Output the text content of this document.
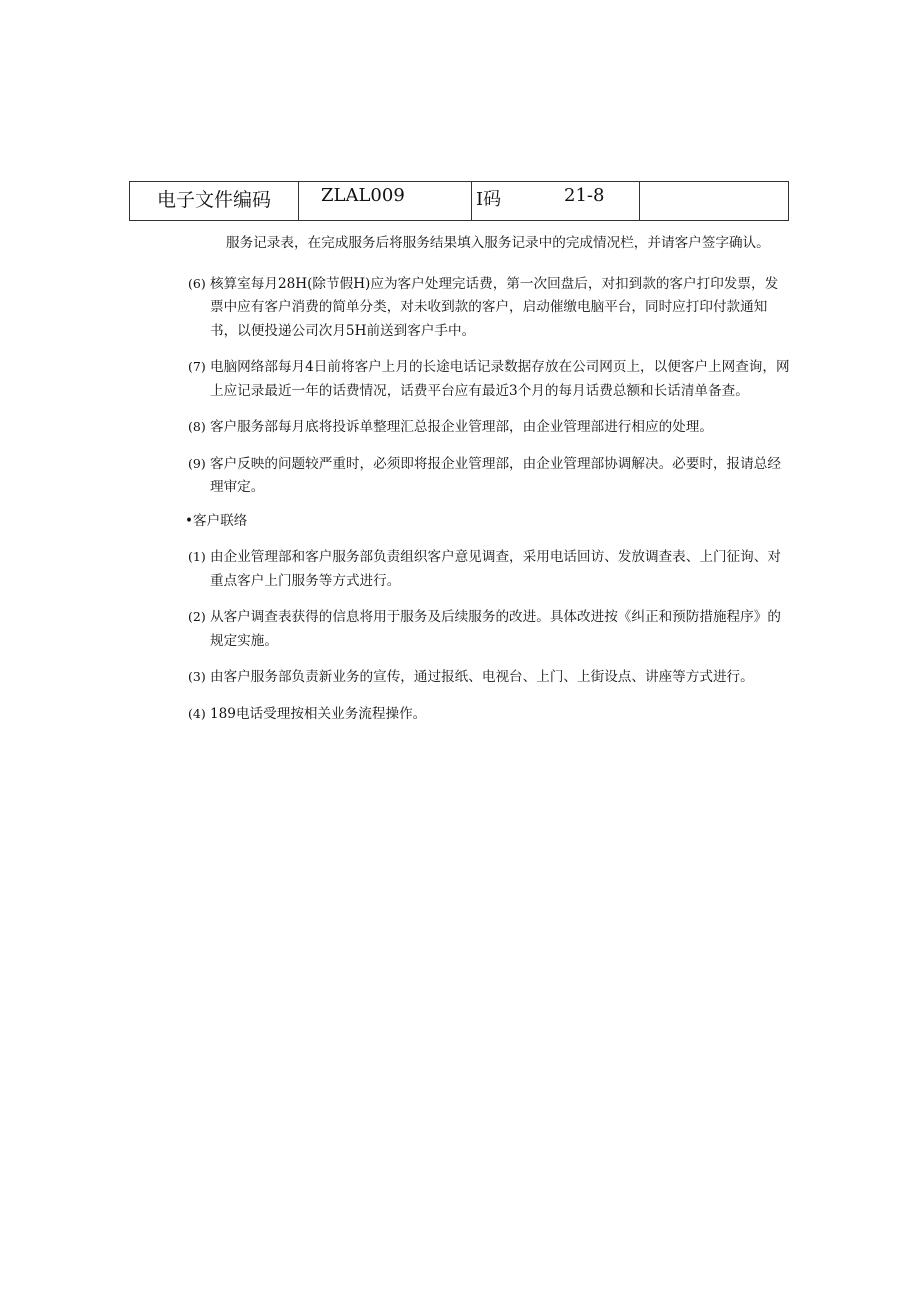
电子文件编码	ZLAL009	I码	21-8

服务记录表，在完成服务后将服务结果填入服务记录中的完成情况栏，并请客户签字确认。

(6) 核算室每月28H(除节假H)应为客户处理完话费，第一次回盘后，对扣到款的客户打印发票，发票中应有客户消费的简单分类，对未收到款的客户，启动催缴电脑平台，同时应打印付款通知书，以便投递公司次月5H前送到客户手中。

(7) 电脑网络部每月4日前将客户上月的长途电话记录数据存放在公司网页上，以便客户上网查询，网上应记录最近一年的话费情况，话费平台应有最近3个月的每月话费总额和长话清单备查。

(8) 客户服务部每月底将投诉单整理汇总报企业管理部，由企业管理部进行相应的处理。

(9) 客户反映的问题较严重时，必须即将报企业管理部，由企业管理部协调解决。必要时，报请总经理审定。

•客户联络

(1) 由企业管理部和客户服务部负责组织客户意见调查，采用电话回访、发放调查表、上门征询、对重点客户上门服务等方式进行。

(2) 从客户调查表获得的信息将用于服务及后续服务的改进。具体改进按《纠正和预防措施程序》的规定实施。

(3) 由客户服务部负责新业务的宣传，通过报纸、电视台、上门、上街设点、讲座等方式进行。

(4) 189电话受理按相关业务流程操作。
